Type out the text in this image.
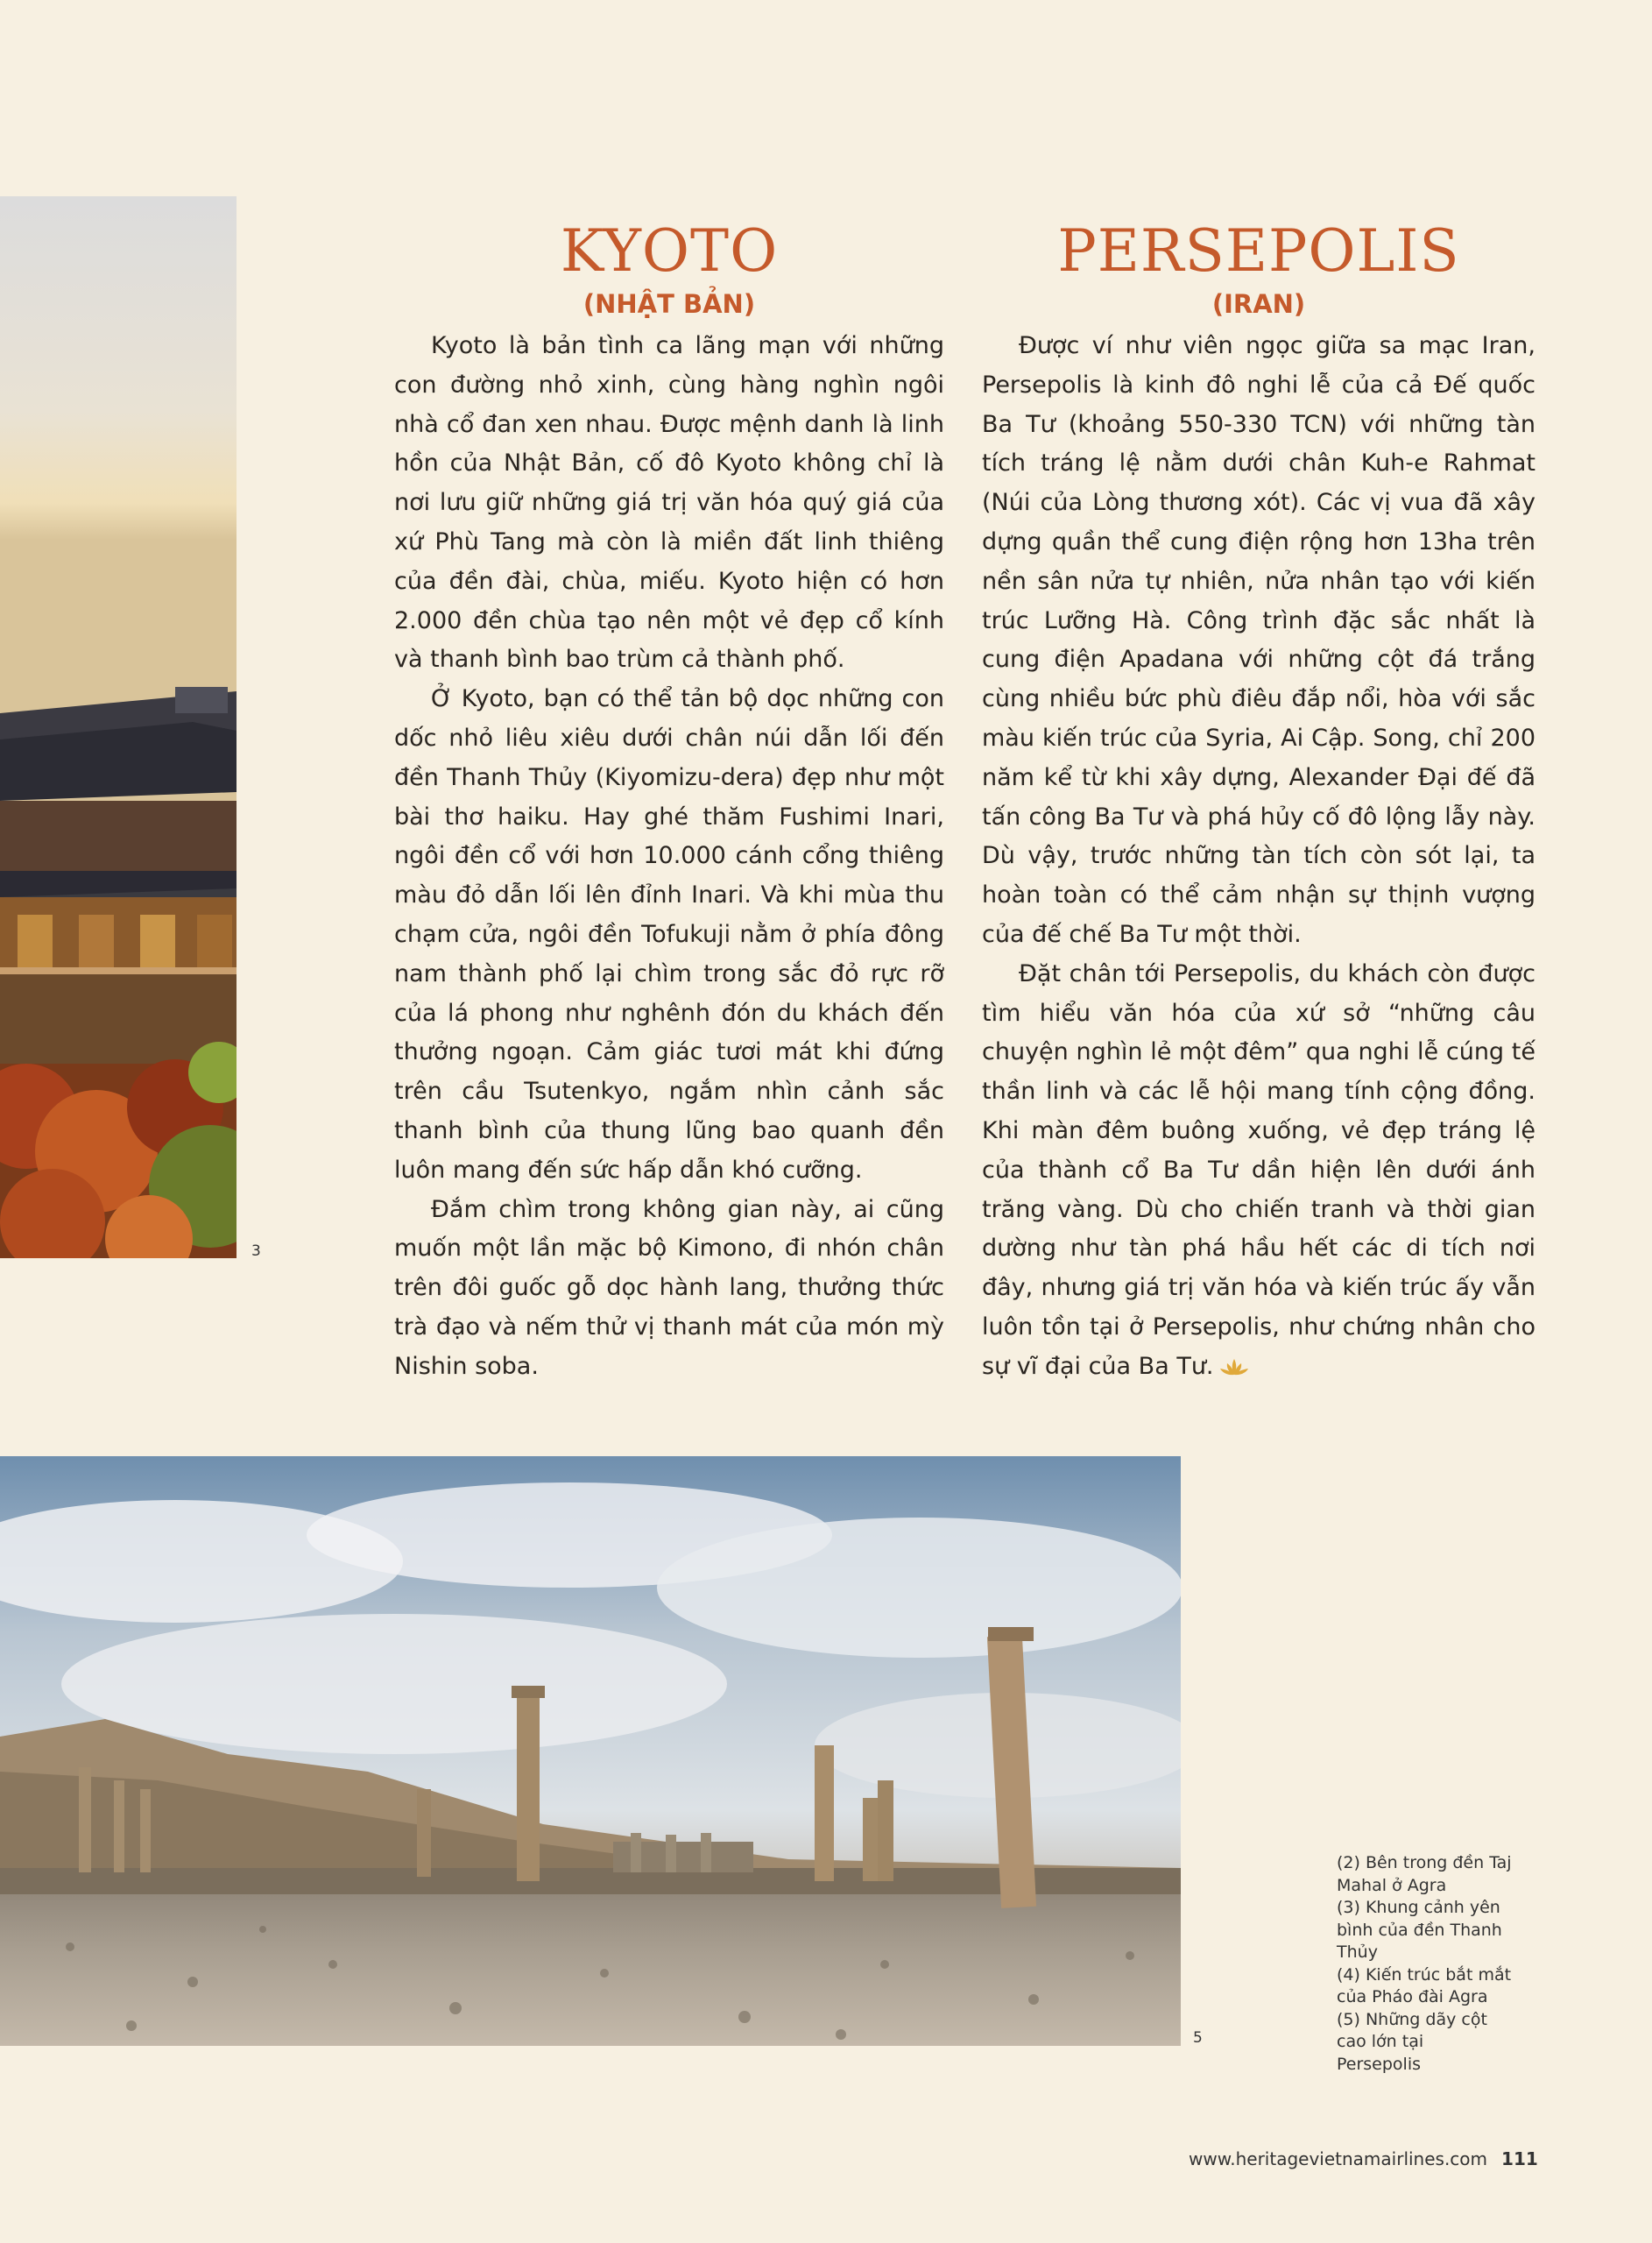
3
KYOTO
(NHẬT BẢN)
PERSEPOLIS
(IRAN)

Kyoto là bản tình ca lãng mạn với những con đường nhỏ xinh, cùng hàng nghìn ngôi nhà cổ đan xen nhau. Được mệnh danh là linh hồn của Nhật Bản, cố đô Kyoto không chỉ là nơi lưu giữ những giá trị văn hóa quý giá của xứ Phù Tang mà còn là miền đất linh thiêng của đền đài, chùa, miếu. Kyoto hiện có hơn 2.000 đền chùa tạo nên một vẻ đẹp cổ kính và thanh bình bao trùm cả thành phố.

Ở Kyoto, bạn có thể tản bộ dọc những con dốc nhỏ liêu xiêu dưới chân núi dẫn lối đến đền Thanh Thủy (Kiyomizu-dera) đẹp như một bài thơ haiku. Hay ghé thăm Fushimi Inari, ngôi đền cổ với hơn 10.000 cánh cổng thiêng màu đỏ dẫn lối lên đỉnh Inari. Và khi mùa thu chạm cửa, ngôi đền Tofukuji nằm ở phía đông nam thành phố lại chìm trong sắc đỏ rực rỡ của lá phong như nghênh đón du khách đến thưởng ngoạn. Cảm giác tươi mát khi đứng trên cầu Tsutenkyo, ngắm nhìn cảnh sắc thanh bình của thung lũng bao quanh đền luôn mang đến sức hấp dẫn khó cưỡng.

Đắm chìm trong không gian này, ai cũng muốn một lần mặc bộ Kimono, đi nhón chân trên đôi guốc gỗ dọc hành lang, thưởng thức trà đạo và nếm thử vị thanh mát của món mỳ Nishin soba.

Được ví như viên ngọc giữa sa mạc Iran, Persepolis là kinh đô nghi lễ của cả Đế quốc Ba Tư (khoảng 550-330 TCN) với những tàn tích tráng lệ nằm dưới chân Kuh-e Rahmat (Núi của Lòng thương xót). Các vị vua đã xây dựng quần thể cung điện rộng hơn 13ha trên nền sân nửa tự nhiên, nửa nhân tạo với kiến trúc Lưỡng Hà. Công trình đặc sắc nhất là cung điện Apadana với những cột đá trắng cùng nhiều bức phù điêu đắp nổi, hòa với sắc màu kiến trúc của Syria, Ai Cập. Song, chỉ 200 năm kể từ khi xây dựng, Alexander Đại đế đã tấn công Ba Tư và phá hủy cố đô lộng lẫy này. Dù vậy, trước những tàn tích còn sót lại, ta hoàn toàn có thể cảm nhận sự thịnh vượng của đế chế Ba Tư một thời.

Đặt chân tới Persepolis, du khách còn được tìm hiểu văn hóa của xứ sở “những câu chuyện nghìn lẻ một đêm” qua nghi lễ cúng tế thần linh và các lễ hội mang tính cộng đồng. Khi màn đêm buông xuống, vẻ đẹp tráng lệ của thành cổ Ba Tư dần hiện lên dưới ánh trăng vàng. Dù cho chiến tranh và thời gian dường như tàn phá hầu hết các di tích nơi đây, nhưng giá trị văn hóa và kiến trúc ấy vẫn luôn tồn tại ở Persepolis, như chứng nhân cho sự vĩ đại của Ba Tư.

5
(2) Bên trong đền Taj Mahal ở Agra
(3) Khung cảnh yên bình của đền Thanh Thủy
(4) Kiến trúc bắt mắt của Pháo đài Agra
(5) Những dãy cột cao lớn tại Persepolis
www.heritagevietnamairlines.com 111
